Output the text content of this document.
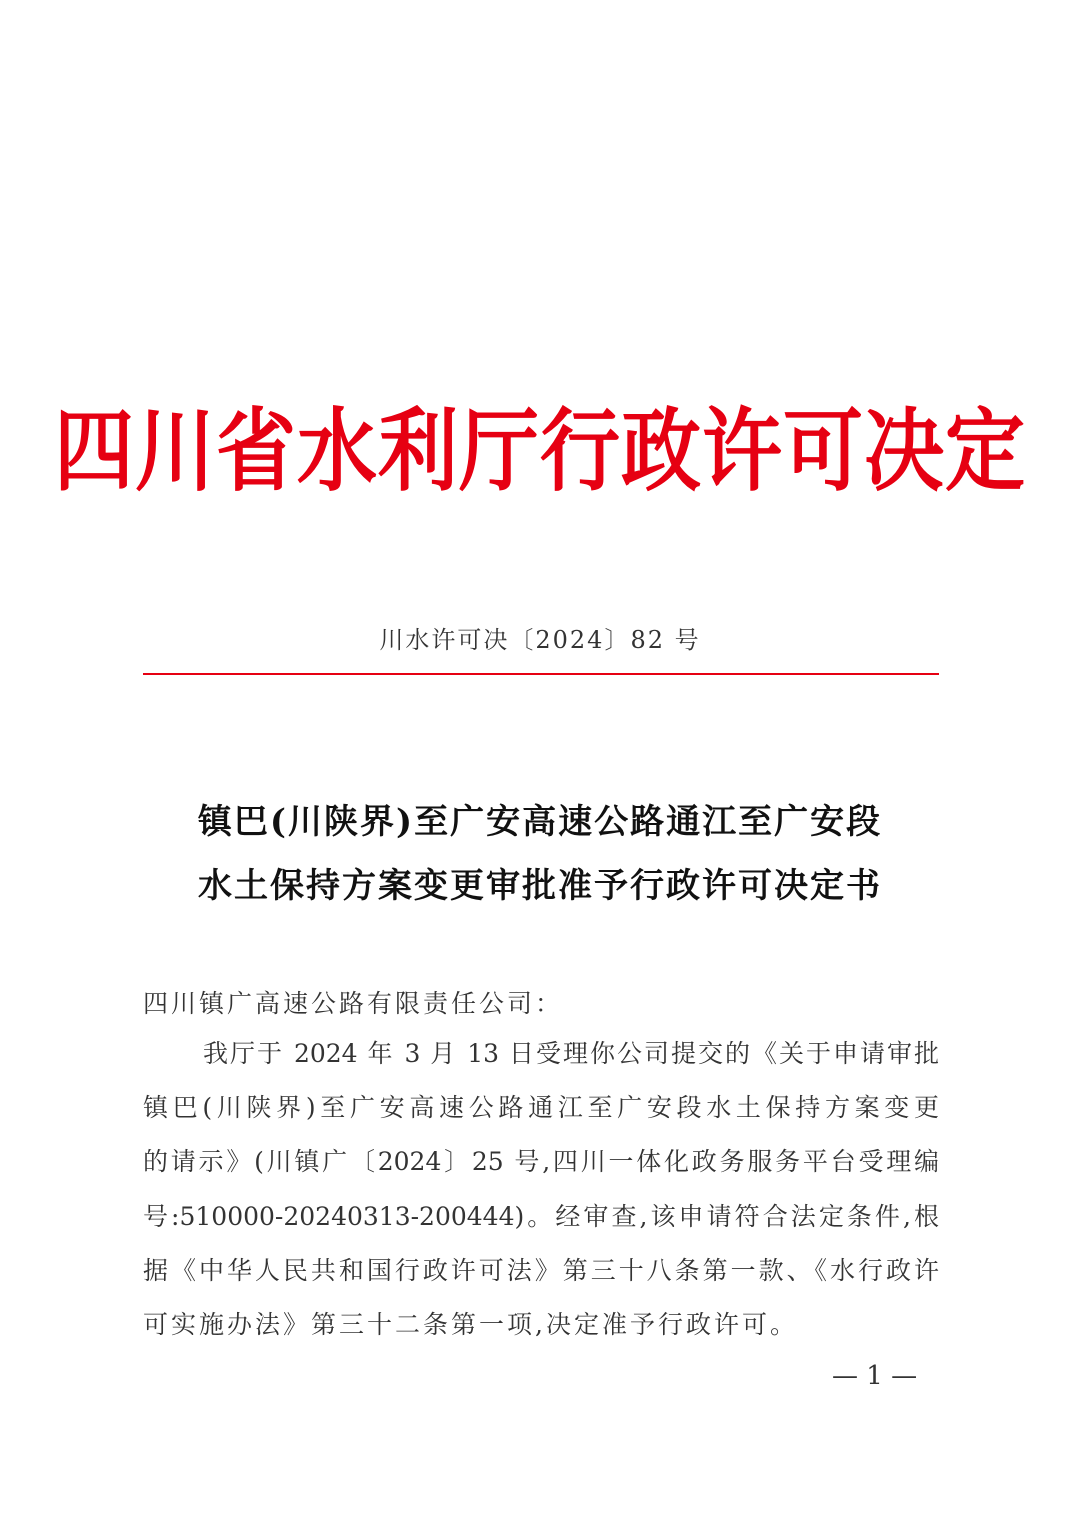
四川省水利厅行政许可决定
川水许可决〔2024〕82 号
镇巴(川陕界)至广安高速公路通江至广安段
水土保持方案变更审批准予行政许可决定书
四川镇广高速公路有限责任公司：
我厅于 2024 年 3 月 13 日受理你公司提交的《关于申请审批
镇巴(川陕界)至广安高速公路通江至广安段水土保持方案变更
的请示》(川镇广〔2024〕25 号,四川一体化政务服务平台受理编
号:510000-20240313-200444)。经审查,该申请符合法定条件,根
据《中华人民共和国行政许可法》第三十八条第一款、《水行政许
可实施办法》第三十二条第一项,决定准予行政许可。
— 1 —
